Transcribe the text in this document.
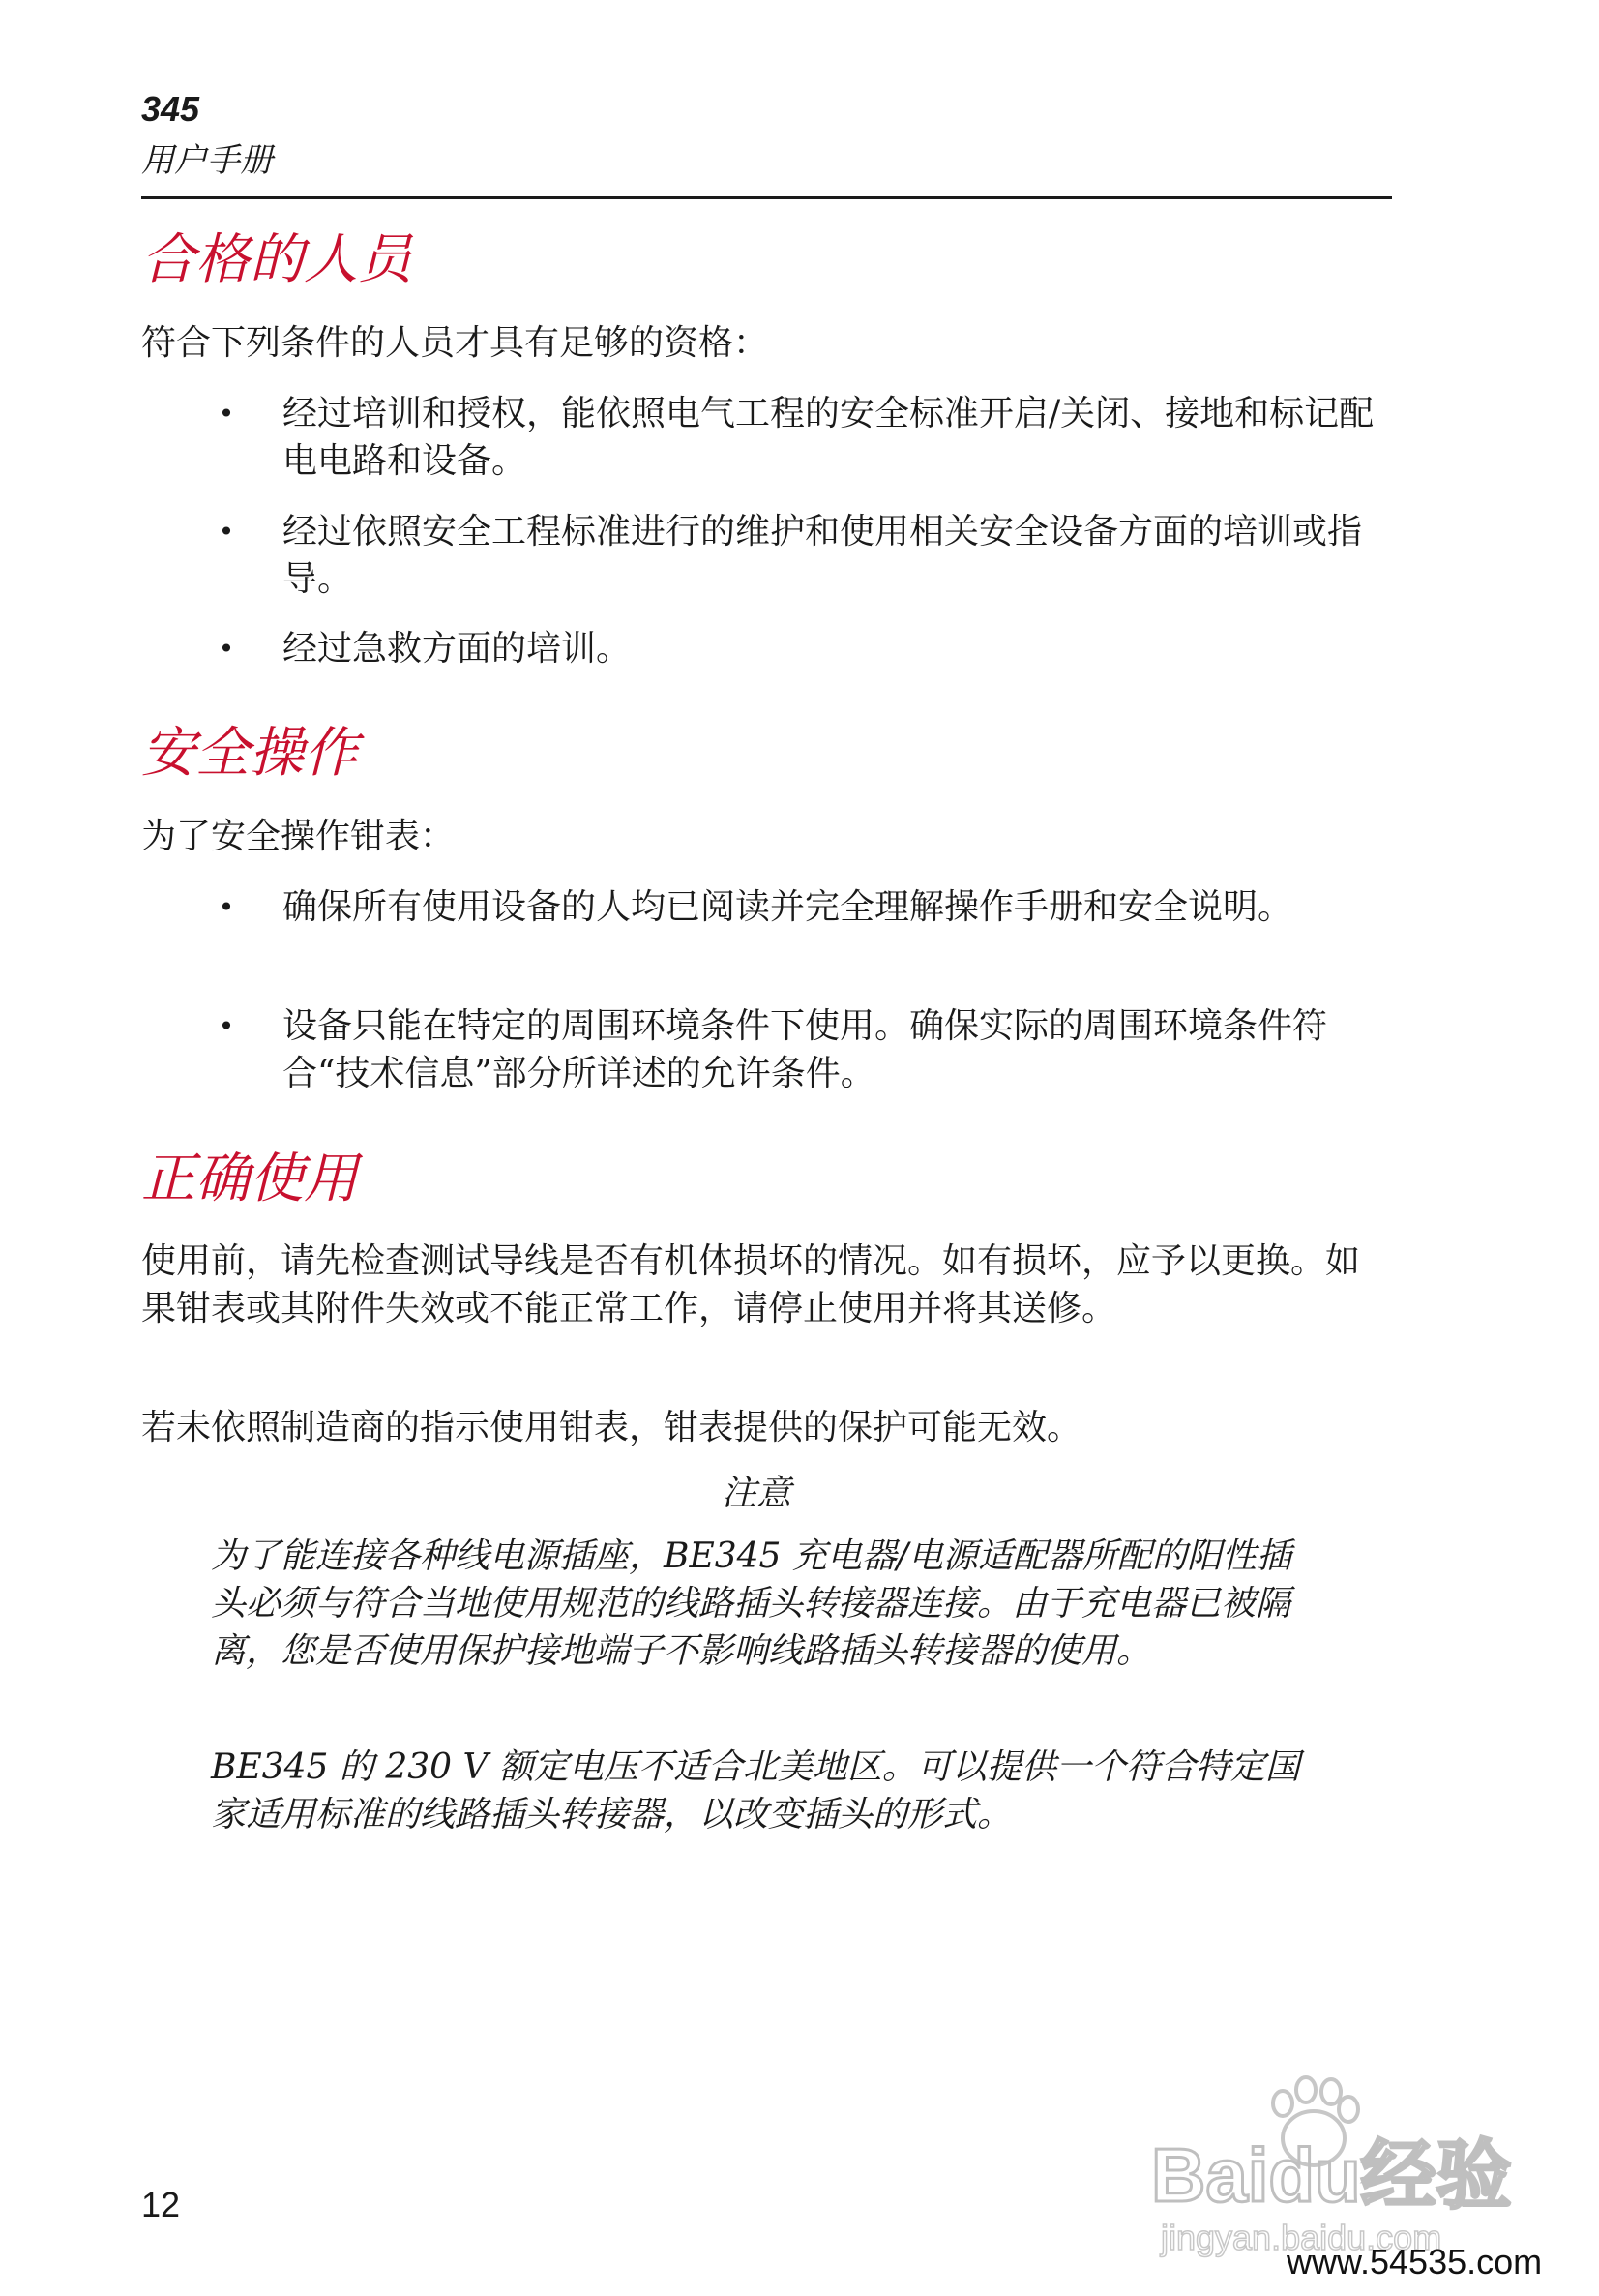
345
用户手册
合格的人员
符合下列条件的人员才具有足够的资格：
•	经过培训和授权，能依照电气工程的安全标准开启/关闭、接地和标记配电电路和设备。
•	经过依照安全工程标准进行的维护和使用相关安全设备方面的培训或指导。
•	经过急救方面的培训。
安全操作
为了安全操作钳表：
•	确保所有使用设备的人均已阅读并完全理解操作手册和安全说明。
•	设备只能在特定的周围环境条件下使用。确保实际的周围环境条件符合“技术信息”部分所详述的允许条件。
正确使用
使用前，请先检查测试导线是否有机体损坏的情况。如有损坏，应予以更换。如果钳表或其附件失效或不能正常工作，请停止使用并将其送修。
若未依照制造商的指示使用钳表，钳表提供的保护可能无效。
注意
为了能连接各种线电源插座，BE345 充电器/电源适配器所配的阳性插头必须与符合当地使用规范的线路插头转接器连接。由于充电器已被隔离，您是否使用保护接地端子不影响线路插头转接器的使用。
BE345 的 230 V 额定电压不适合北美地区。可以提供一个符合特定国家适用标准的线路插头转接器，以改变插头的形式。
12	Baidu经验
jingyan.baidu.com
www.54535.com
